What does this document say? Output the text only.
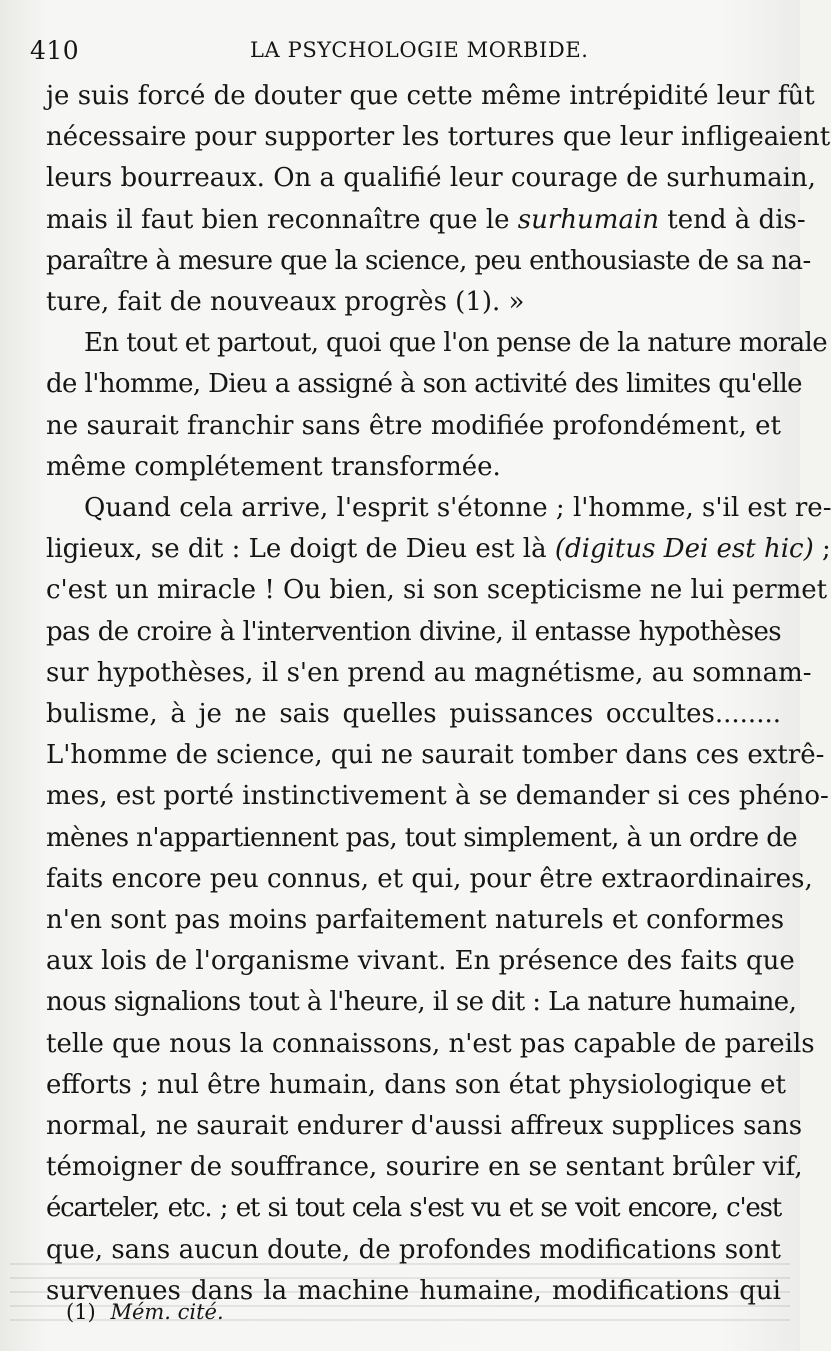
410	LA PSYCHOLOGIE MORBIDE.
je suis forcé de douter que cette même intrépidité leur fût
nécessaire pour supporter les tortures que leur infligeaient
leurs bourreaux. On a qualifié leur courage de surhumain,
mais il faut bien reconnaître que le surhumain tend à dis-
paraître à mesure que la science, peu enthousiaste de sa na-
ture, fait de nouveaux progrès (1). »
En tout et partout, quoi que l'on pense de la nature morale
de l'homme, Dieu a assigné à son activité des limites qu'elle
ne saurait franchir sans être modifiée profondément, et
même complétement transformée.
Quand cela arrive, l'esprit s'étonne ; l'homme, s'il est re-
ligieux, se dit : Le doigt de Dieu est là (digitus Dei est hic) ;
c'est un miracle ! Ou bien, si son scepticisme ne lui permet
pas de croire à l'intervention divine, il entasse hypothèses
sur hypothèses, il s'en prend au magnétisme, au somnam-
bulisme, à je ne sais quelles puissances occultes........
L'homme de science, qui ne saurait tomber dans ces extrê-
mes, est porté instinctivement à se demander si ces phéno-
mènes n'appartiennent pas, tout simplement, à un ordre de
faits encore peu connus, et qui, pour être extraordinaires,
n'en sont pas moins parfaitement naturels et conformes
aux lois de l'organisme vivant. En présence des faits que
nous signalions tout à l'heure, il se dit : La nature humaine,
telle que nous la connaissons, n'est pas capable de pareils
efforts ; nul être humain, dans son état physiologique et
normal, ne saurait endurer d'aussi affreux supplices sans
témoigner de souffrance, sourire en se sentant brûler vif,
écarteler, etc. ; et si tout cela s'est vu et se voit encore, c'est
que, sans aucun doute, de profondes modifications sont
survenues dans la machine humaine, modifications qui
(1) Mém. cité.
